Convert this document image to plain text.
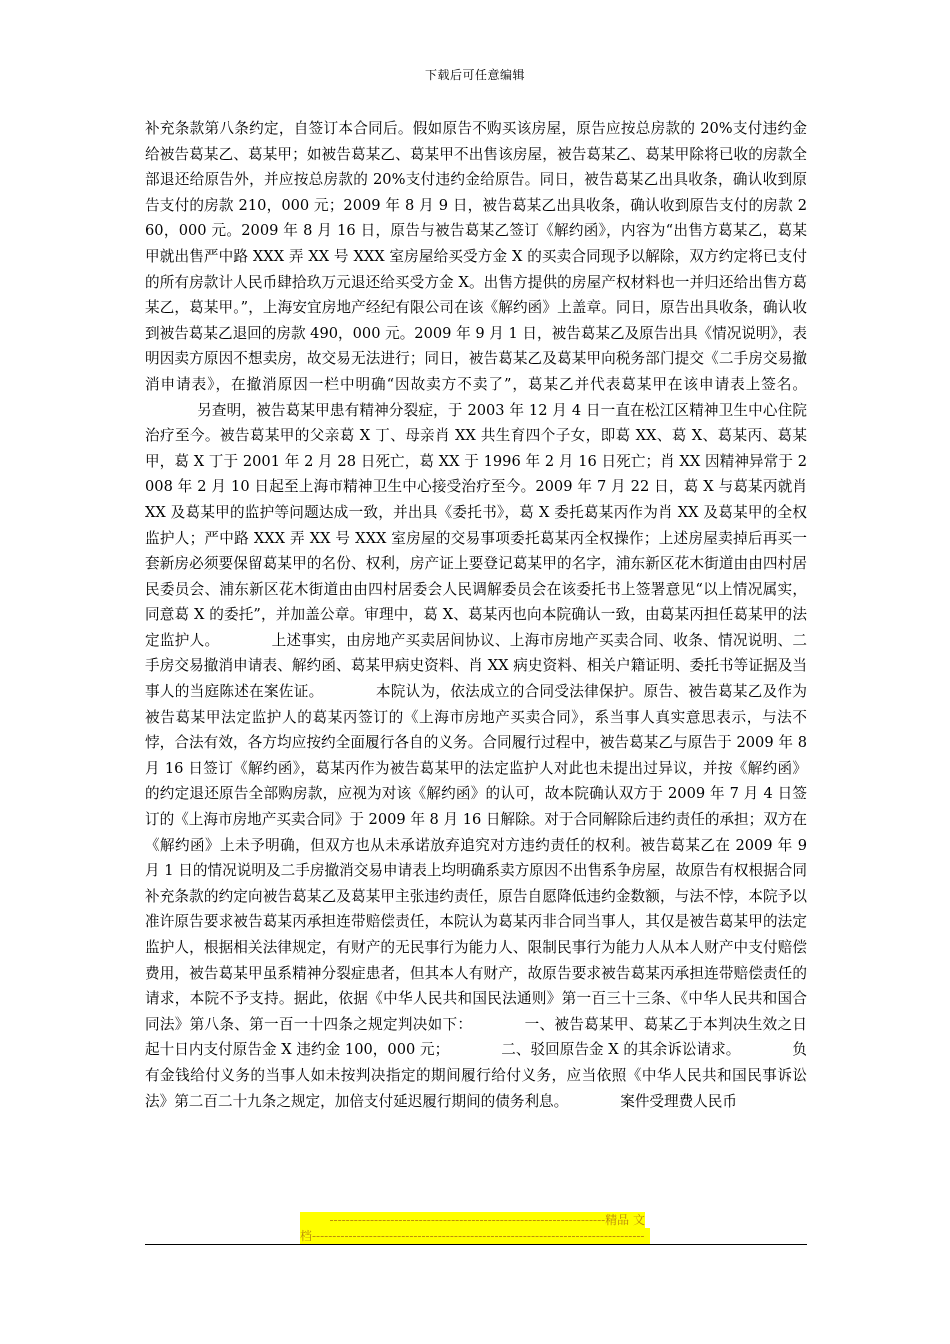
下载后可任意编辑
补充条款第八条约定，自签订本合同后。假如原告不购买该房屋，原告应按总房款的 20%支付违约金给被告葛某乙、葛某甲；如被告葛某乙、葛某甲不出售该房屋，被告葛某乙、葛某甲除将已收的房款全部退还给原告外，并应按总房款的 20%支付违约金给原告。同日，被告葛某乙出具收条，确认收到原告支付的房款 210，000 元；2009 年 8 月 9 日，被告葛某乙出具收条，确认收到原告支付的房款 260，000 元。2009 年 8 月 16 日，原告与被告葛某乙签订《解约函》，内容为“出售方葛某乙，葛某甲就出售严中路 XXX 弄 XX 号 XXX 室房屋给买受方金 X 的买卖合同现予以解除，双方约定将已支付的所有房款计人民币肆拾玖万元退还给买受方金 X。出售方提供的房屋产权材料也一并归还给出售方葛某乙，葛某甲。”，上海安宜房地产经纪有限公司在该《解约函》上盖章。同日，原告出具收条，确认收到被告葛某乙退回的房款 490，000 元。2009 年 9 月 1 日，被告葛某乙及原告出具《情况说明》，表明因卖方原因不想卖房，故交易无法进行；同日，被告葛某乙及葛某甲向税务部门提交《二手房交易撤消申请表》，在撤消原因一栏中明确“因故卖方不卖了”，葛某乙并代表葛某甲在该申请表上签名。另查明，被告葛某甲患有精神分裂症，于 2003 年 12 月 4 日一直在松江区精神卫生中心住院治疗至今。被告葛某甲的父亲葛 X 丁、母亲肖 XX 共生育四个子女，即葛 XX、葛 X、葛某丙、葛某甲，葛 X 丁于 2001 年 2 月 28 日死亡，葛 XX 于 1996 年 2 月 16 日死亡；肖 XX 因精神异常于 2008 年 2 月 10 日起至上海市精神卫生中心接受治疗至今。2009 年 7 月 22 日，葛 X 与葛某丙就肖 XX 及葛某甲的监护等问题达成一致，并出具《委托书》，葛 X 委托葛某丙作为肖 XX 及葛某甲的全权监护人；严中路 XXX 弄 XX 号 XXX 室房屋的交易事项委托葛某丙全权操作；上述房屋卖掉后再买一套新房必须要保留葛某甲的名份、权利，房产证上要登记葛某甲的名字，浦东新区花木街道由由四村居民委员会、浦东新区花木街道由由四村居委会人民调解委员会在该委托书上签署意见“以上情况属实，同意葛 X 的委托”，并加盖公章。审理中，葛 X、葛某丙也向本院确认一致，由葛某丙担任葛某甲的法定监护人。	上述事实，由房地产买卖居间协议、上海市房地产买卖合同、收条、情况说明、二手房交易撤消申请表、解约函、葛某甲病史资料、肖 XX 病史资料、相关户籍证明、委托书等证据及当事人的当庭陈述在案佐证。	本院认为，依法成立的合同受法律保护。原告、被告葛某乙及作为被告葛某甲法定监护人的葛某丙签订的《上海市房地产买卖合同》，系当事人真实意思表示，与法不悖，合法有效，各方均应按约全面履行各自的义务。合同履行过程中，被告葛某乙与原告于 2009 年 8 月 16 日签订《解约函》，葛某丙作为被告葛某甲的法定监护人对此也未提出过异议，并按《解约函》的约定退还原告全部购房款，应视为对该《解约函》的认可，故本院确认双方于 2009 年 7 月 4 日签订的《上海市房地产买卖合同》于 2009 年 8 月 16 日解除。对于合同解除后违约责任的承担；双方在《解约函》上未予明确，但双方也从未承诺放弃追究对方违约责任的权利。被告葛某乙在 2009 年 9 月 1 日的情况说明及二手房撤消交易申请表上均明确系卖方原因不出售系争房屋，故原告有权根据合同补充条款的约定向被告葛某乙及葛某甲主张违约责任，原告自愿降低违约金数额，与法不悖，本院予以准许原告要求被告葛某丙承担连带赔偿责任，本院认为葛某丙非合同当事人，其仅是被告葛某甲的法定监护人，根据相关法律规定，有财产的无民事行为能力人、限制民事行为能力人从本人财产中支付赔偿费用，被告葛某甲虽系精神分裂症患者，但其本人有财产，故原告要求被告葛某丙承担连带赔偿责任的请求，本院不予支持。据此，依据《中华人民共和国民法通则》第一百三十三条、《中华人民共和国合同法》第八条、第一百一十四条之规定判决如下：	一、被告葛某甲、葛某乙于本判决生效之日起十日内支付原告金 X 违约金 100，000 元；	二、驳回原告金 X 的其余诉讼请求。	负有金钱给付义务的当事人如未按判决指定的期间履行给付义务，应当依照《中华人民共和国民事诉讼法》第二百二十九条之规定，加倍支付延迟履行期间的债务利息。	案件受理费人民币
--------------------------------------------------------------------精品 文
档----------------------------------------------------------------------------------
